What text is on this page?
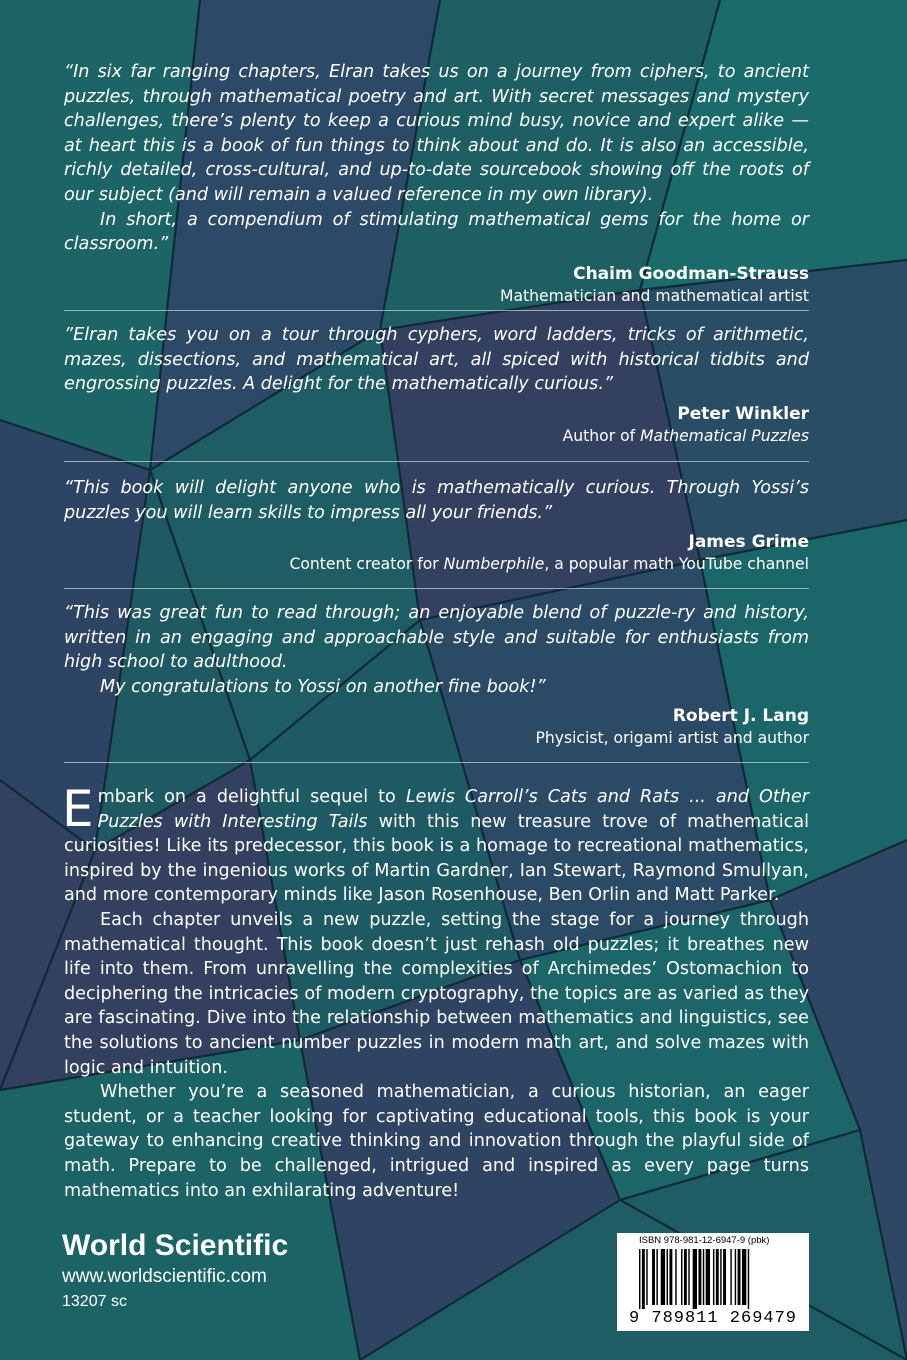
“In six far ranging chapters, Elran takes us on a journey from ciphers, to ancient puzzles, through mathematical poetry and art. With secret messages and mystery challenges, there’s plenty to keep a curious mind busy, novice and expert alike — at heart this is a book of fun things to think about and do. It is also an accessible, richly detailed, cross-cultural, and up-to-date sourcebook showing off the roots of our subject (and will remain a valued reference in my own library).
In short, a compendium of stimulating mathematical gems for the home or classroom.”

Chaim Goodman-Strauss
Mathematician and mathematical artist

”Elran takes you on a tour through cyphers, word ladders, tricks of arithmetic, mazes, dissections, and mathematical art, all spiced with historical tidbits and engrossing puzzles. A delight for the mathematically curious.”

Peter Winkler
Author of Mathematical Puzzles

“This book will delight anyone who is mathematically curious. Through Yossi’s puzzles you will learn skills to impress all your friends.”

James Grime
Content creator for Numberphile, a popular math YouTube channel

“This was great fun to read through; an enjoyable blend of puzzle-ry and history, written in an engaging and approachable style and suitable for enthusiasts from high school to adulthood.
My congratulations to Yossi on another fine book!”

Robert J. Lang
Physicist, origami artist and author

Embark on a delightful sequel to Lewis Carroll’s Cats and Rats ... and Other Puzzles with Interesting Tails with this new treasure trove of mathematical curiosities! Like its predecessor, this book is a homage to recreational mathematics, inspired by the ingenious works of Martin Gardner, Ian Stewart, Raymond Smullyan, and more contemporary minds like Jason Rosenhouse, Ben Orlin and Matt Parker.

Each chapter unveils a new puzzle, setting the stage for a journey through mathematical thought. This book doesn’t just rehash old puzzles; it breathes new life into them. From unravelling the complexities of Archimedes’ Ostomachion to deciphering the intricacies of modern cryptography, the topics are as varied as they are fascinating. Dive into the relationship between mathematics and linguistics, see the solutions to ancient number puzzles in modern math art, and solve mazes with logic and intuition.

Whether you’re a seasoned mathematician, a curious historian, an eager student, or a teacher looking for captivating educational tools, this book is your gateway to enhancing creative thinking and innovation through the playful side of math. Prepare to be challenged, intrigued and inspired as every page turns mathematics into an exhilarating adventure!

World Scientific
www.worldscientific.com
13207 sc
ISBN 978-981-12-6947-9 (pbk)
9 789811 269479
